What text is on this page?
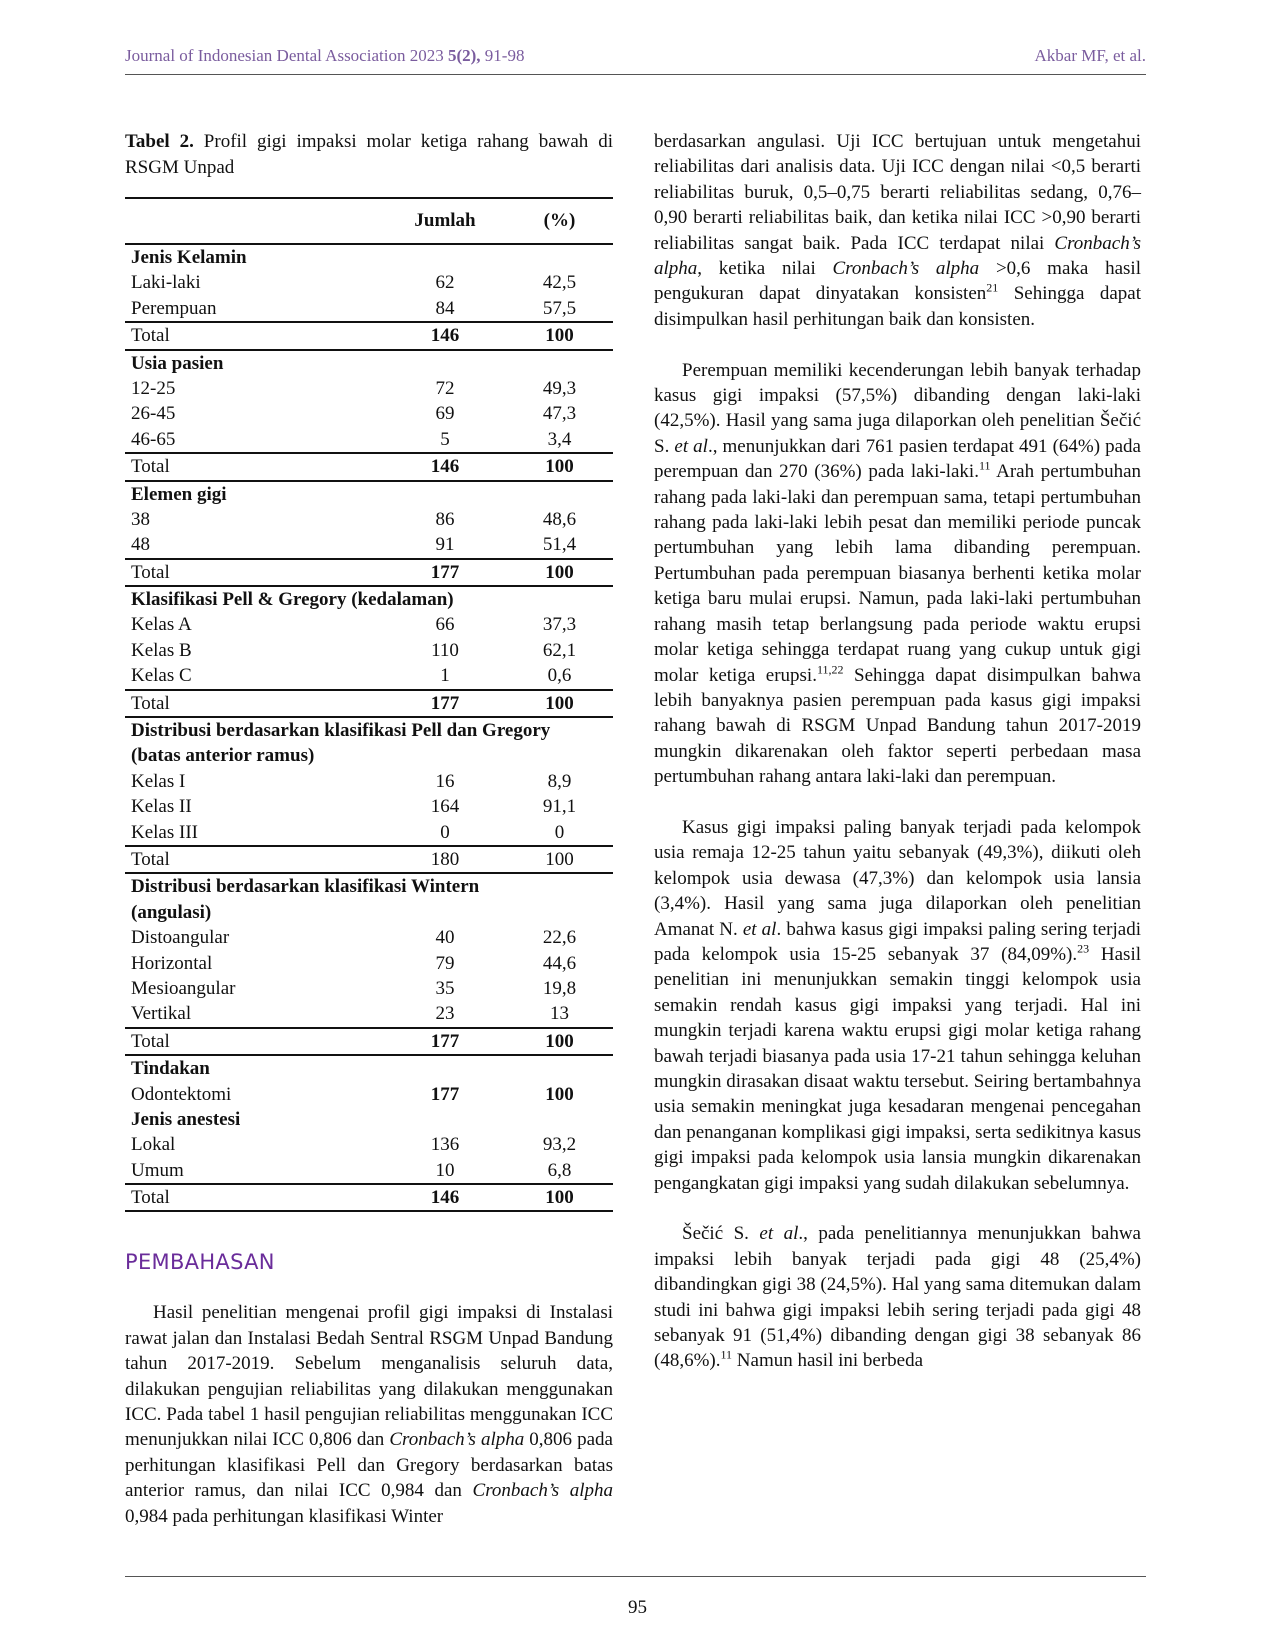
Journal of Indonesian Dental Association 2023 5(2), 91-98	Akbar MF, et al.

Tabel 2. Profil gigi impaksi molar ketiga rahang bawah di RSGM Unpad

	Jumlah	(%)
Jenis Kelamin		
Laki-laki	62	42,5
Perempuan	84	57,5
Total	146	100
Usia pasien		
12-25	72	49,3
26-45	69	47,3
46-65	5	3,4
Total	146	100
Elemen gigi		
38	86	48,6
48	91	51,4
Total	177	100
Klasifikasi Pell & Gregory (kedalaman)		
Kelas A	66	37,3
Kelas B	110	62,1
Kelas C	1	0,6
Total	177	100
Distribusi berdasarkan klasifikasi Pell dan Gregory		
(batas anterior ramus)		
Kelas I	16	8,9
Kelas II	164	91,1
Kelas III	0	0
Total	180	100
Distribusi berdasarkan klasifikasi Wintern		
(angulasi)		
Distoangular	40	22,6
Horizontal	79	44,6
Mesioangular	35	19,8
Vertikal	23	13
Total	177	100
Tindakan		
Odontektomi	177	100
Jenis anestesi		
Lokal	136	93,2
Umum	10	6,8
Total	146	100
PEMBAHASAN

Hasil penelitian mengenai profil gigi impaksi di Instalasi rawat jalan dan Instalasi Bedah Sentral RSGM Unpad Bandung tahun 2017-2019. Sebelum menganalisis seluruh data, dilakukan pengujian reliabilitas yang dilakukan menggunakan ICC. Pada tabel 1 hasil pengujian reliabilitas menggunakan ICC menunjukkan nilai ICC 0,806 dan Cronbach’s alpha 0,806 pada perhitungan klasifikasi Pell dan Gregory berdasarkan batas anterior ramus, dan nilai ICC 0,984 dan Cronbach’s alpha 0,984 pada perhitungan klasifikasi Winter

berdasarkan angulasi. Uji ICC bertujuan untuk mengetahui reliabilitas dari analisis data. Uji ICC dengan nilai <0,5 berarti reliabilitas buruk, 0,5–0,75 berarti reliabilitas sedang, 0,76–0,90 berarti reliabilitas baik, dan ketika nilai ICC >0,90 berarti reliabilitas sangat baik. Pada ICC terdapat nilai Cronbach’s alpha, ketika nilai Cronbach’s alpha >0,6 maka hasil pengukuran dapat dinyatakan konsisten$^{21}$ Sehingga dapat disimpulkan hasil perhitungan baik dan konsisten.

Perempuan memiliki kecenderungan lebih banyak terhadap kasus gigi impaksi (57,5%) dibanding dengan laki-laki (42,5%). Hasil yang sama juga dilaporkan oleh penelitian Šečić S. et al., menunjukkan dari 761 pasien terdapat 491 (64%) pada perempuan dan 270 (36%) pada laki-laki.$^{11}$ Arah pertumbuhan rahang pada laki-laki dan perempuan sama, tetapi pertumbuhan rahang pada laki-laki lebih pesat dan memiliki periode puncak pertumbuhan yang lebih lama dibanding perempuan. Pertumbuhan pada perempuan biasanya berhenti ketika molar ketiga baru mulai erupsi. Namun, pada laki-laki pertumbuhan rahang masih tetap berlangsung pada periode waktu erupsi molar ketiga sehingga terdapat ruang yang cukup untuk gigi molar ketiga erupsi.$^{11,22}$ Sehingga dapat disimpulkan bahwa lebih banyaknya pasien perempuan pada kasus gigi impaksi rahang bawah di RSGM Unpad Bandung tahun 2017-2019 mungkin dikarenakan oleh faktor seperti perbedaan masa pertumbuhan rahang antara laki-laki dan perempuan.

Kasus gigi impaksi paling banyak terjadi pada kelompok usia remaja 12-25 tahun yaitu sebanyak (49,3%), diikuti oleh kelompok usia dewasa (47,3%) dan kelompok usia lansia (3,4%). Hasil yang sama juga dilaporkan oleh penelitian Amanat N. et al. bahwa kasus gigi impaksi paling sering terjadi pada kelompok usia 15-25 sebanyak 37 (84,09%).$^{23}$ Hasil penelitian ini menunjukkan semakin tinggi kelompok usia semakin rendah kasus gigi impaksi yang terjadi. Hal ini mungkin terjadi karena waktu erupsi gigi molar ketiga rahang bawah terjadi biasanya pada usia 17-21 tahun sehingga keluhan mungkin dirasakan disaat waktu tersebut. Seiring bertambahnya usia semakin meningkat juga kesadaran mengenai pencegahan dan penanganan komplikasi gigi impaksi, serta sedikitnya kasus gigi impaksi pada kelompok usia lansia mungkin dikarenakan pengangkatan gigi impaksi yang sudah dilakukan sebelumnya.

Šečić S. et al., pada penelitiannya menunjukkan bahwa impaksi lebih banyak terjadi pada gigi 48 (25,4%) dibandingkan gigi 38 (24,5%). Hal yang sama ditemukan dalam studi ini bahwa gigi impaksi lebih sering terjadi pada gigi 48 sebanyak 91 (51,4%) dibanding dengan gigi 38 sebanyak 86 (48,6%).$^{11}$ Namun hasil ini berbeda

95
